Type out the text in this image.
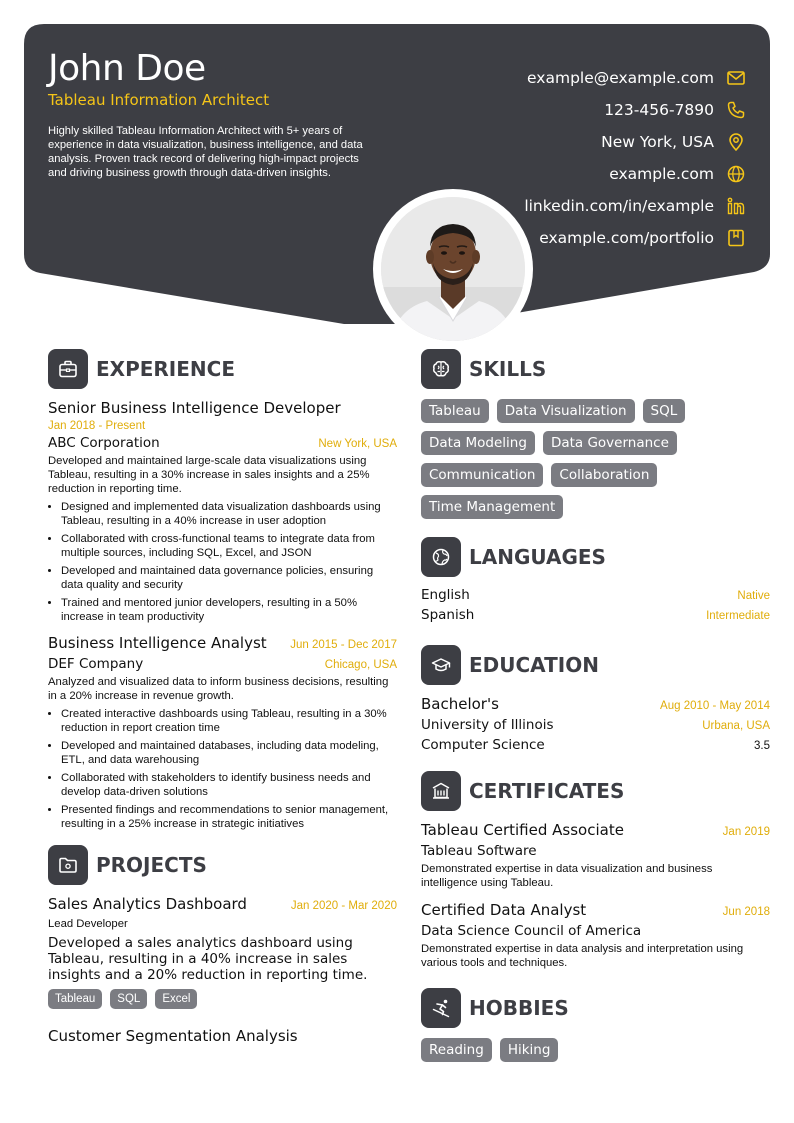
John Doe
Tableau Information Architect
Highly skilled Tableau Information Architect with 5+ years of experience in data visualization, business intelligence, and data analysis. Proven track record of delivering high-impact projects and driving business growth through data-driven insights.
example@example.com
123-456-7890
New York, USA
example.com
linkedin.com/in/example
example.com/portfolio
EXPERIENCE
Senior Business Intelligence Developer
Jan 2018 - Present
ABC Corporation	New York, USA
Developed and maintained large-scale data visualizations using Tableau, resulting in a 30% increase in sales insights and a 25% reduction in reporting time.
• Designed and implemented data visualization dashboards using Tableau, resulting in a 40% increase in user adoption
• Collaborated with cross-functional teams to integrate data from multiple sources, including SQL, Excel, and JSON
• Developed and maintained data governance policies, ensuring data quality and security
• Trained and mentored junior developers, resulting in a 50% increase in team productivity
Business Intelligence Analyst Jun 2015 - Dec 2017
DEF Company	Chicago, USA
Analyzed and visualized data to inform business decisions, resulting in a 20% increase in revenue growth.
• Created interactive dashboards using Tableau, resulting in a 30% reduction in report creation time
• Developed and maintained databases, including data modeling, ETL, and data warehousing
• Collaborated with stakeholders to identify business needs and develop data-driven solutions
• Presented findings and recommendations to senior management, resulting in a 25% increase in strategic initiatives
PROJECTS
Sales Analytics Dashboard	Jan 2020 - Mar 2020
Lead Developer
Developed a sales analytics dashboard using Tableau, resulting in a 40% increase in sales insights and a 20% reduction in reporting time.
Tableau	SQL	Excel
Customer Segmentation Analysis
SKILLS
Tableau	Data Visualization	SQL
Data Modeling	Data Governance
Communication	Collaboration
Time Management
LANGUAGES
English	Native
Spanish	Intermediate
EDUCATION
Bachelor's	Aug 2010 - May 2014
University of Illinois	Urbana, USA
Computer Science	3.5
CERTIFICATES
Tableau Certified Associate	Jan 2019
Tableau Software
Demonstrated expertise in data visualization and business intelligence using Tableau.
Certified Data Analyst	Jun 2018
Data Science Council of America
Demonstrated expertise in data analysis and interpretation using various tools and techniques.
HOBBIES
Reading	Hiking
